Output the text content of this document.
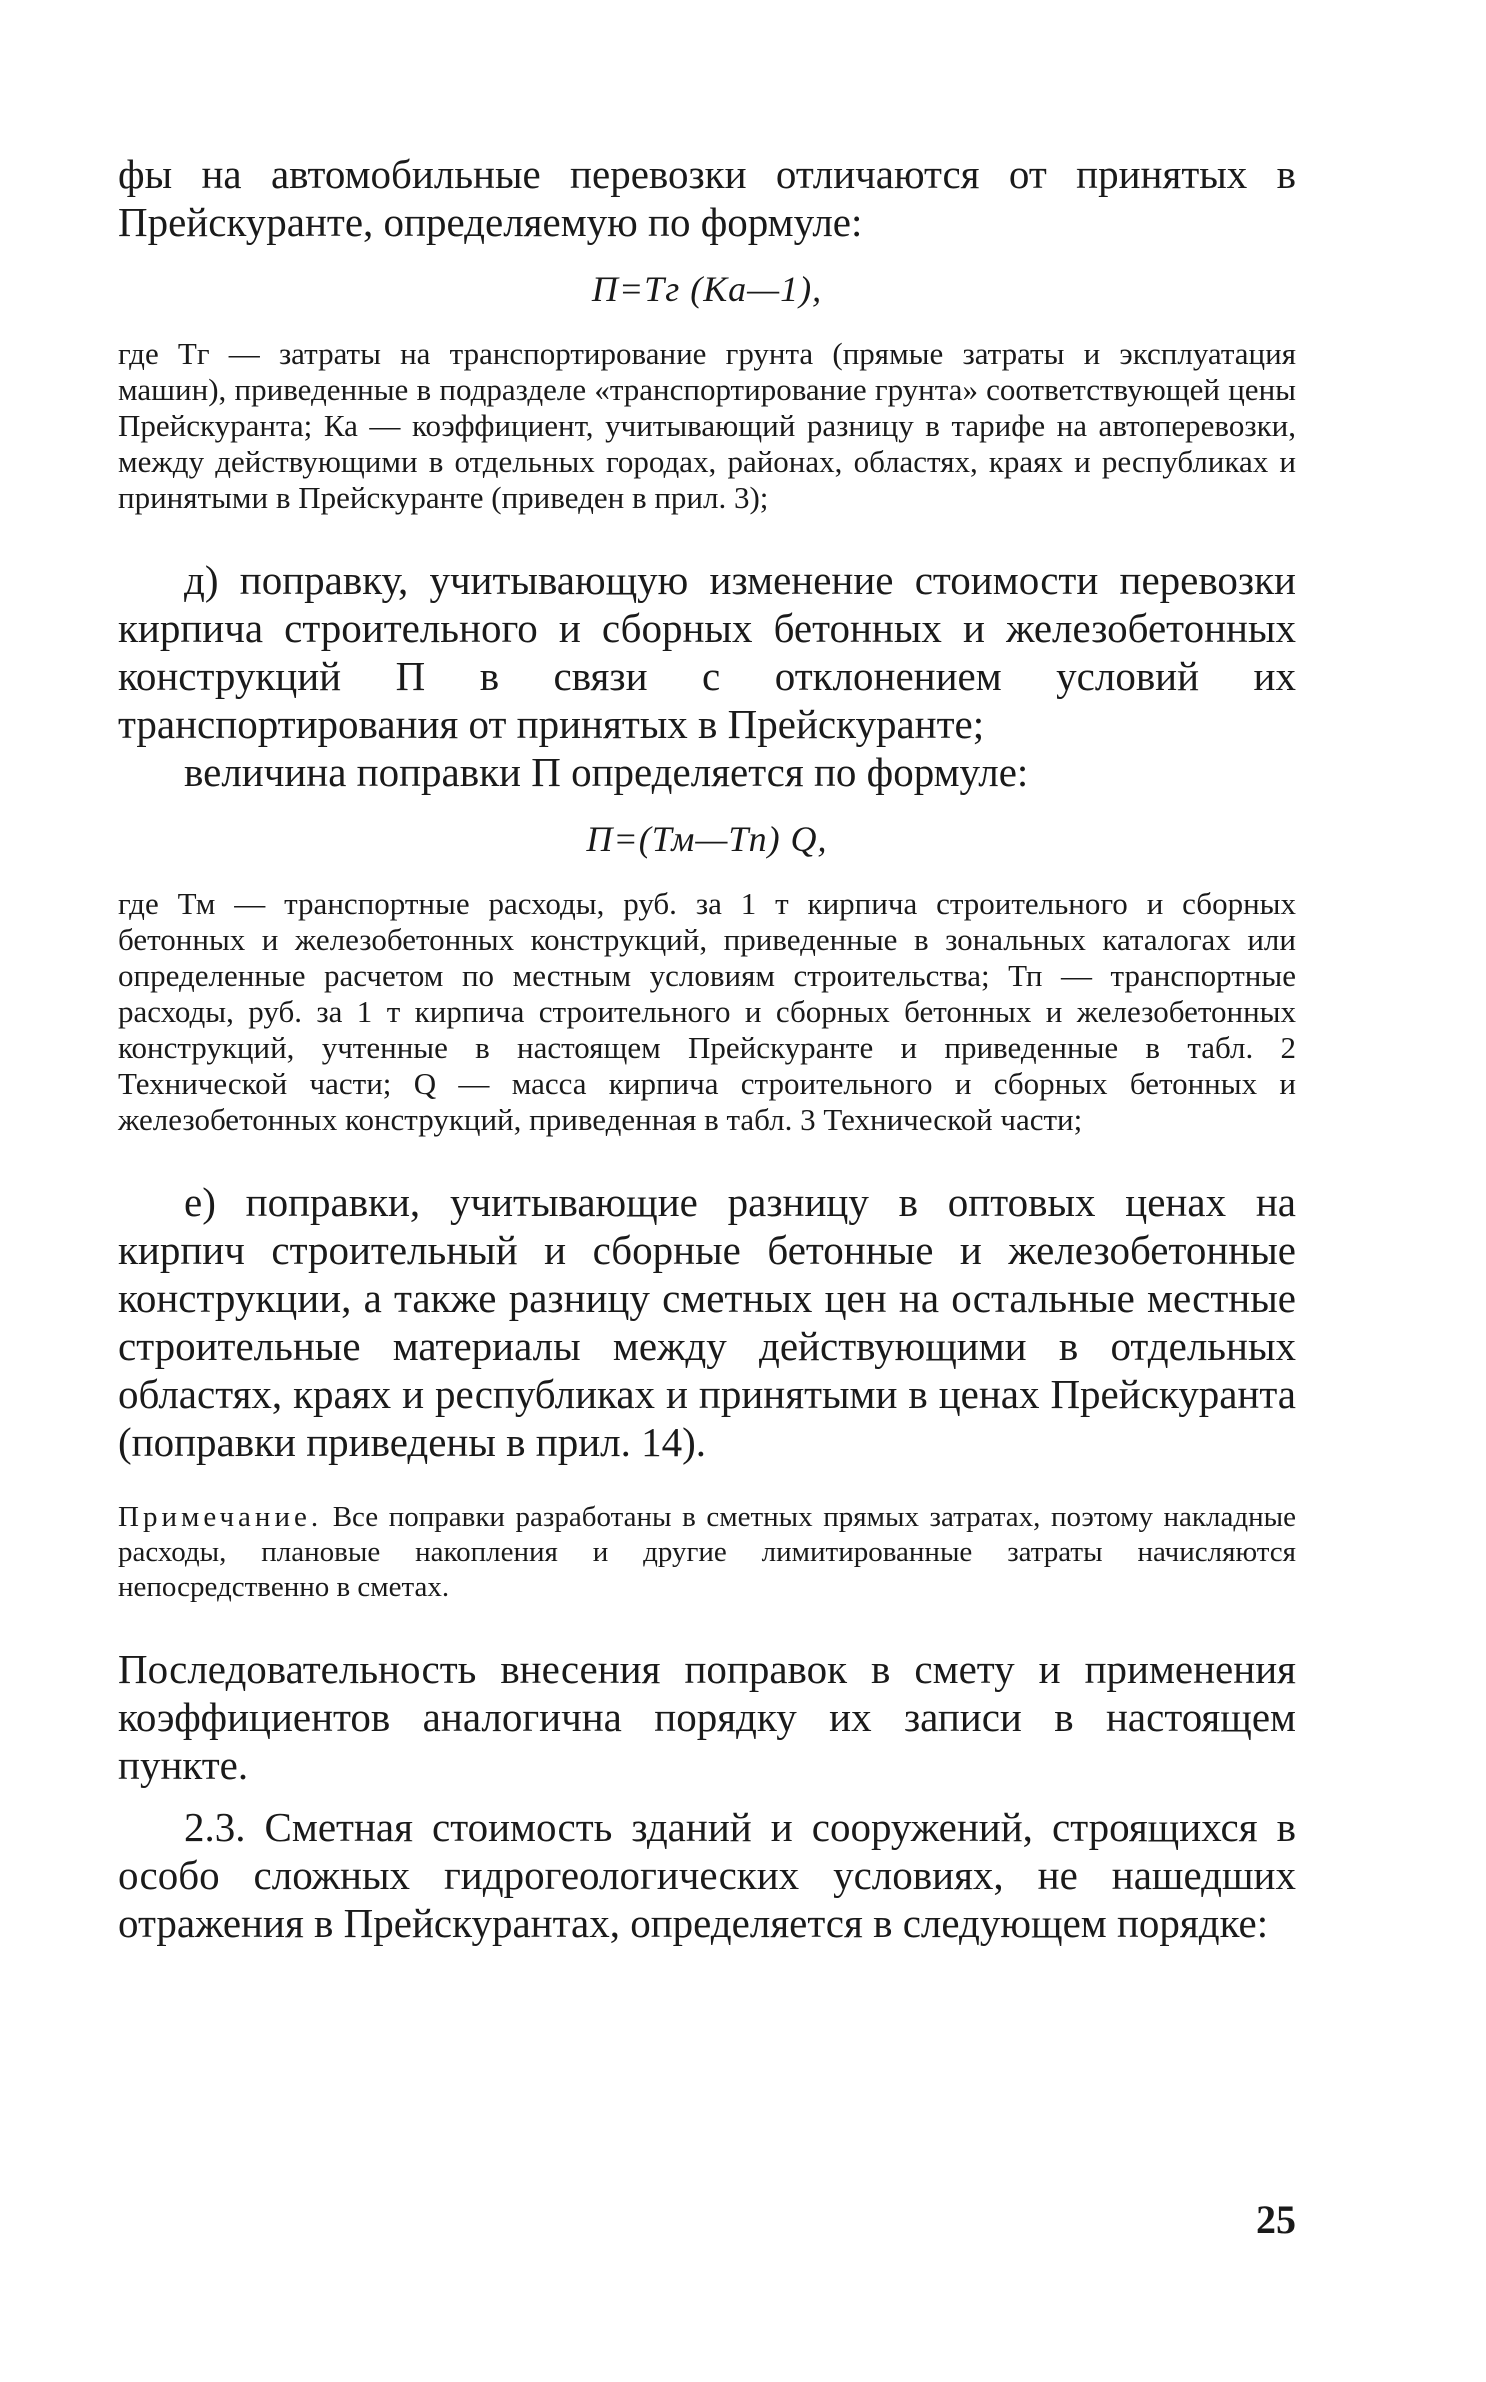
фы на автомобильные перевозки отличаются от принятых в Прейскуранте, определяемую по формуле:

П=Тг (Ка—1),

где Тг — затраты на транспортирование грунта (прямые затраты и эксплуатация машин), приведенные в подразделе «транспортирование грунта» соответствующей цены Прейскуранта; Ка — коэффициент, учитывающий разницу в тарифе на автоперевозки, между действующими в отдельных городах, районах, областях, краях и республиках и принятыми в Прейскуранте (приведен в прил. 3);

д) поправку, учитывающую изменение стоимости перевозки кирпича строительного и сборных бетонных и железобетонных конструкций П в связи с отклонением условий их транспортирования от принятых в Прейскуранте;

величина поправки П определяется по формуле:

П=(Тм—Тп) Q,

где Тм — транспортные расходы, руб. за 1 т кирпича строительного и сборных бетонных и железобетонных конструкций, приведенные в зональных каталогах или определенные расчетом по местным условиям строительства; Тп — транспортные расходы, руб. за 1 т кирпича строительного и сборных бетонных и железобетонных конструкций, учтенные в настоящем Прейскуранте и приведенные в табл. 2 Технической части; Q — масса кирпича строительного и сборных бетонных и железобетонных конструкций, приведенная в табл. 3 Технической части;

е) поправки, учитывающие разницу в оптовых ценах на кирпич строительный и сборные бетонные и железобетонные конструкции, а также разницу сметных цен на остальные местные строительные материалы между действующими в отдельных областях, краях и республиках и принятыми в ценах Прейскуранта (поправки приведены в прил. 14).

Примечание. Все поправки разработаны в сметных прямых затратах, поэтому накладные расходы, плановые накопления и другие лимитированные затраты начисляются непосредственно в сметах.

Последовательность внесения поправок в смету и применения коэффициентов аналогична порядку их записи в настоящем пункте.

2.3. Сметная стоимость зданий и сооружений, строящихся в особо сложных гидрогеологических условиях, не нашедших отражения в Прейскурантах, определяется в следующем порядке:

25
